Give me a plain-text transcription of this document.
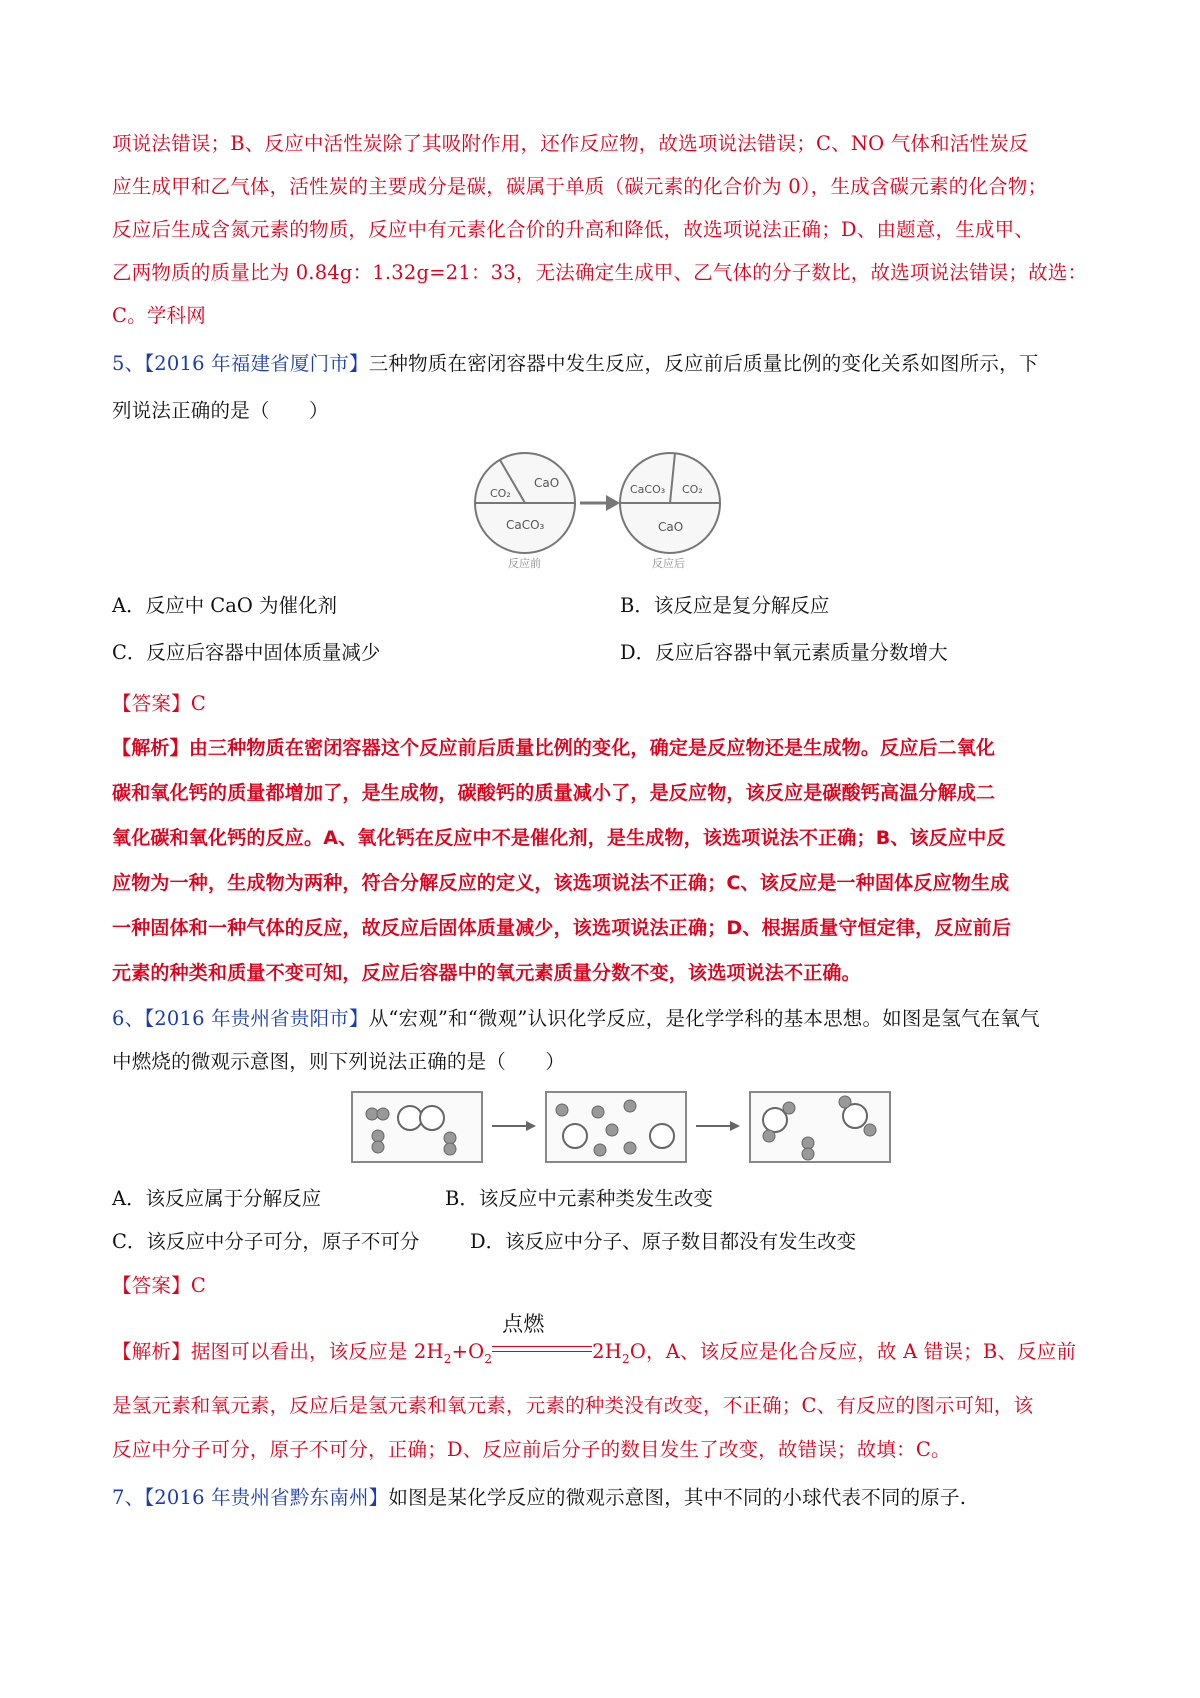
项说法错误；B、反应中活性炭除了其吸附作用，还作反应物，故选项说法错误；C、NO 气体和活性炭反
应生成甲和乙气体，活性炭的主要成分是碳，碳属于单质（碳元素的化合价为 0），生成含碳元素的化合物；
反应后生成含氮元素的物质，反应中有元素化合价的升高和降低，故选项说法正确；D、由题意，生成甲、
乙两物质的质量比为 0.84g：1.32g=21：33，无法确定生成甲、乙气体的分子数比，故选项说法错误；故选：
C。学科网
5、【2016 年福建省厦门市】三种物质在密闭容器中发生反应，反应前后质量比例的变化关系如图所示，下
列说法正确的是（　　）
CO₂
CaO
CaCO₃
反应前
CaCO₃ CO₂
CaO
反应后
A．反应中 CaO 为催化剂	B．该反应是复分解反应
C．反应后容器中固体质量减少	D．反应后容器中氧元素质量分数增大
【答案】C
【解析】由三种物质在密闭容器这个反应前后质量比例的变化，确定是反应物还是生成物。反应后二氧化
碳和氧化钙的质量都增加了，是生成物，碳酸钙的质量减小了，是反应物，该反应是碳酸钙高温分解成二
氧化碳和氧化钙的反应。A、氧化钙在反应中不是催化剂，是生成物，该选项说法不正确；B、该反应中反
应物为一种，生成物为两种，符合分解反应的定义，该选项说法不正确；C、该反应是一种固体反应物生成
一种固体和一种气体的反应，故反应后固体质量减少，该选项说法正确；D、根据质量守恒定律，反应前后
元素的种类和质量不变可知，反应后容器中的氧元素质量分数不变，该选项说法不正确。
6、【2016 年贵州省贵阳市】从“宏观”和“微观”认识化学反应，是化学学科的基本思想。如图是氢气在氧气
中燃烧的微观示意图，则下列说法正确的是（　　）
A．该反应属于分解反应	B．该反应中元素种类发生改变
C．该反应中分子可分，原子不可分	D．该反应中分子、原子数目都没有发生改变
【答案】C
【解析】据图可以看出，该反应是 $2H_2+O_2$
点燃
$2H_2O$，A、该反应是化合反应，故 A 错误；B、反应前
是氢元素和氧元素，反应后是氢元素和氧元素，元素的种类没有改变，不正确；C、有反应的图示可知，该
反应中分子可分，原子不可分，正确；D、反应前后分子的数目发生了改变，故错误；故填：C。
7、【2016 年贵州省黔东南州】如图是某化学反应的微观示意图，其中不同的小球代表不同的原子.
